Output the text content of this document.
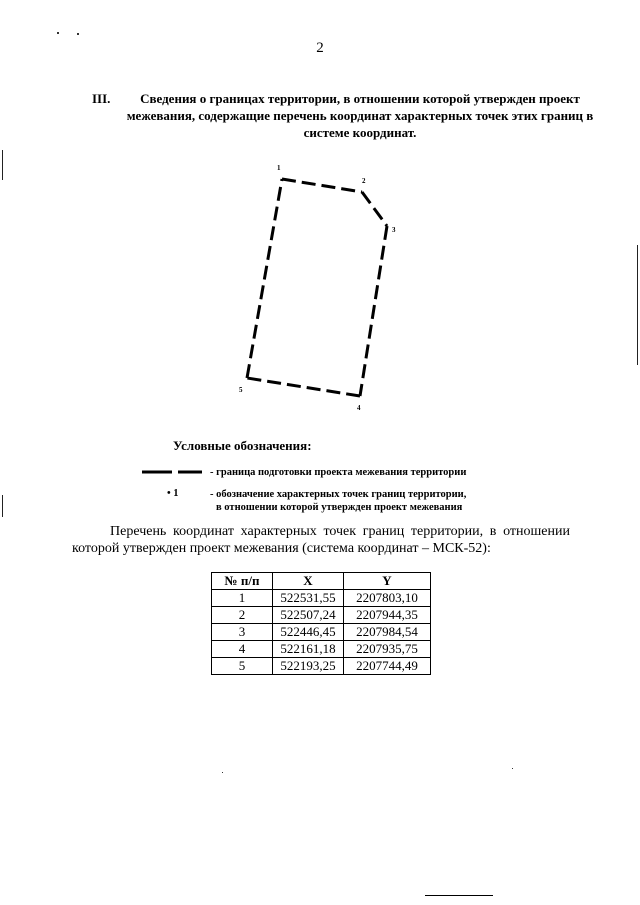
2
III.	Сведения о границах территории, в отношении которой утвержден проект межевания, содержащие перечень координат характерных точек этих границ в системе координат.
1
2
3
4
5
Условные обозначения:
- граница подготовки проекта межевания территории
• 1	- обозначение характерных точек границ территории,
в отношении которой утвержден проект межевания
Перечень координат характерных точек границ территории, в отношении которой утвержден проект межевания (система координат – МСК-52):
№ п/п	X	Y
1	522531,55	2207803,10
2	522507,24	2207944,35
3	522446,45	2207984,54
4	522161,18	2207935,75
5	522193,25	2207744,49
